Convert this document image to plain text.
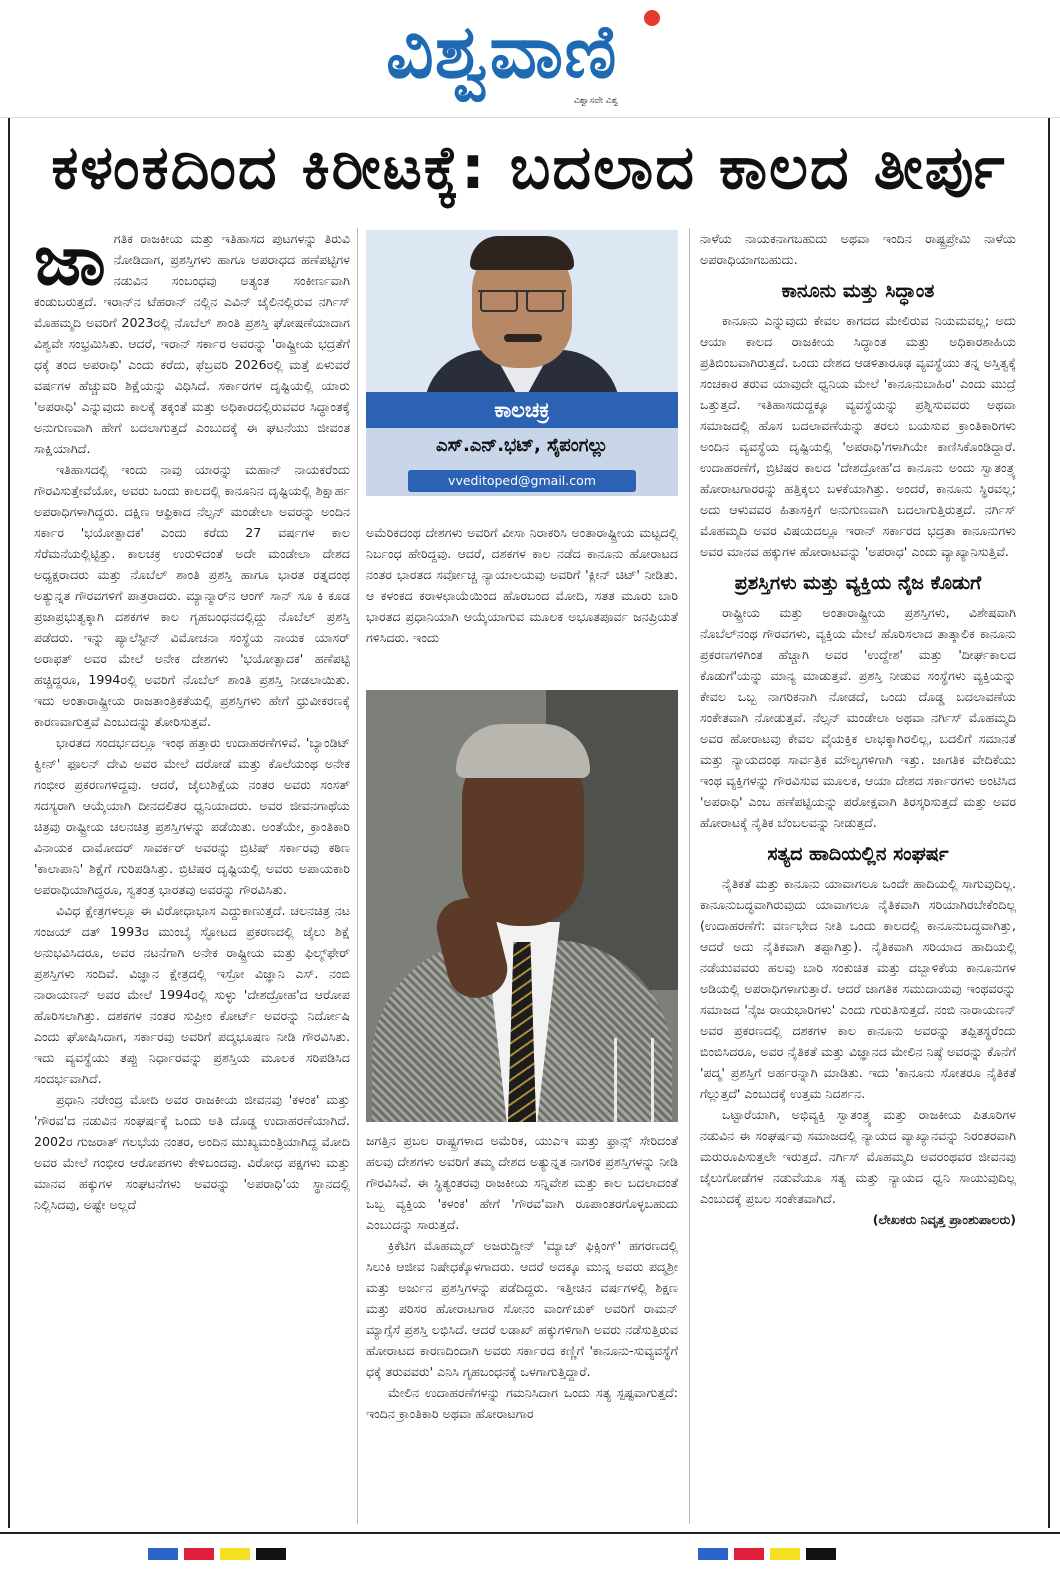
ವಿಶ್ವವಾಣಿ
ವಿಶ್ವಾಸವೇ ವಿಶ್ವ
ಕಳಂಕದಿಂದ ಕಿರೀಟಕ್ಕೆ: ಬದಲಾದ ಕಾಲದ ತೀರ್ಪು
ಜಾ ಗತಿಕ ರಾಜಕೀಯ ಮತ್ತು ಇತಿಹಾಸದ ಪುಟಗಳನ್ನು ತಿರುವಿ ನೋಡಿದಾಗ, ಪ್ರಶಸ್ತಿಗಳು ಹಾಗೂ ಅಪರಾಧದ ಹಣೆಪಟ್ಟಿಗಳ ನಡುವಿನ ಸಂಬಂಧವು ಅತ್ಯಂತ ಸಂಕೀರ್ಣವಾಗಿ ಕಂಡುಬರುತ್ತದೆ. ಇರಾನ್‌ನ ಟೆಹರಾನ್ ನಲ್ಲಿನ ಎವಿನ್ ಜೈಲಿನಲ್ಲಿರುವ ನರ್ಗಿಸ್ ಮೊಹಮ್ಮದಿ ಅವರಿಗೆ 2023ರಲ್ಲಿ ನೊಬೆಲ್ ಶಾಂತಿ ಪ್ರಶಸ್ತಿ ಘೋಷಣೆಯಾದಾಗ ವಿಶ್ವವೇ ಸಂಭ್ರಮಿಸಿತು. ಆದರೆ, ಇರಾನ್ ಸರ್ಕಾರ ಅವರನ್ನು 'ರಾಷ್ಟ್ರೀಯ ಭದ್ರತೆಗೆ ಧಕ್ಕೆ ತಂದ ಅಪರಾಧಿ' ಎಂದು ಕರೆದು, ಫೆಬ್ರವರಿ 2026ರಲ್ಲಿ ಮತ್ತೆ ಏಳುವರೆ ವರ್ಷಗಳ ಹೆಚ್ಚುವರಿ ಶಿಕ್ಷೆಯನ್ನು ವಿಧಿಸಿದೆ. ಸರ್ಕಾರಗಳ ದೃಷ್ಟಿಯಲ್ಲಿ ಯಾರು 'ಅಪರಾಧಿ' ಎನ್ನುವುದು ಕಾಲಕ್ಕೆ ತಕ್ಕಂತೆ ಮತ್ತು ಅಧಿಕಾರದಲ್ಲಿರುವವರ ಸಿದ್ಧಾಂತಕ್ಕೆ ಅನುಗುಣವಾಗಿ ಹೇಗೆ ಬದಲಾಗುತ್ತದೆ ಎಂಬುದಕ್ಕೆ ಈ ಘಟನೆಯು ಜೀವಂತ ಸಾಕ್ಷಿಯಾಗಿದೆ.

ಇತಿಹಾಸದಲ್ಲಿ ಇಂದು ನಾವು ಯಾರನ್ನು ಮಹಾನ್ ನಾಯಕರೆಂದು ಗೌರವಿಸುತ್ತೇವೆಯೋ, ಅವರು ಒಂದು ಕಾಲದಲ್ಲಿ ಕಾನೂನಿನ ದೃಷ್ಟಿಯಲ್ಲಿ ಶಿಕ್ಷಾರ್ಹ ಅಪರಾಧಿಗಳಾಗಿದ್ದರು. ದಕ್ಷಿಣ ಆಫ್ರಿಕಾದ ನೆಲ್ಸನ್ ಮಂಡೇಲಾ ಅವರನ್ನು ಅಂದಿನ ಸರ್ಕಾರ 'ಭಯೋತ್ಪಾದಕ' ಎಂದು ಕರೆದು 27 ವರ್ಷಗಳ ಕಾಲ ಸೆರೆಮನೆಯಲ್ಲಿಟ್ಟಿತ್ತು. ಕಾಲಚಕ್ರ ಉರುಳಿದಂತೆ ಅದೇ ಮಂಡೇಲಾ ದೇಶದ ಅಧ್ಯಕ್ಷರಾದರು ಮತ್ತು ನೊಬೆಲ್ ಶಾಂತಿ ಪ್ರಶಸ್ತಿ ಹಾಗೂ ಭಾರತ ರತ್ನದಂಥ ಅತ್ಯುನ್ನತ ಗೌರವಗಳಿಗೆ ಪಾತ್ರರಾದರು. ಮ್ಯಾನ್ಮಾರ್‌ನ ಆಂಗ್ ಸಾನ್ ಸೂ ಕಿ ಕೂಡ ಪ್ರಜಾಪ್ರಭುತ್ವಕ್ಕಾಗಿ ದಶಕಗಳ ಕಾಲ ಗೃಹಬಂಧನದಲ್ಲಿದ್ದು ನೊಬೆಲ್ ಪ್ರಶಸ್ತಿ ಪಡೆದರು. ಇನ್ನು ಪ್ಯಾಲೆಸ್ಟೀನ್ ವಿಮೋಚನಾ ಸಂಸ್ಥೆಯ ನಾಯಕ ಯಾಸರ್ ಅರಾಫತ್ ಅವರ ಮೇಲೆ ಅನೇಕ ದೇಶಗಳು 'ಭಯೋತ್ಪಾದಕ' ಹಣೆಪಟ್ಟಿ ಹಚ್ಚಿದ್ದರೂ, 1994ರಲ್ಲಿ ಅವರಿಗೆ ನೊಬೆಲ್ ಶಾಂತಿ ಪ್ರಶಸ್ತಿ ನೀಡಲಾಯಿತು. ಇದು ಅಂತಾರಾಷ್ಟ್ರೀಯ ರಾಜತಾಂತ್ರಿಕತೆಯಲ್ಲಿ ಪ್ರಶಸ್ತಿಗಳು ಹೇಗೆ ಧ್ರುವೀಕರಣಕ್ಕೆ ಕಾರಣವಾಗುತ್ತವೆ ಎಂಬುದನ್ನು ತೋರಿಸುತ್ತವೆ.

ಭಾರತದ ಸಂದರ್ಭದಲ್ಲೂ ಇಂಥ ಹತ್ತಾರು ಉದಾಹರಣೆಗಳಿವೆ. 'ಬ್ಯಾಂಡಿಟ್ ಕ್ವೀನ್' ಫೂಲನ್ ದೇವಿ ಅವರ ಮೇಲೆ ದರೋಡೆ ಮತ್ತು ಕೊಲೆಯಂಥ ಅನೇಕ ಗಂಭೀರ ಪ್ರಕರಣಗಳಿದ್ದವು. ಆದರೆ, ಜೈಲುಶಿಕ್ಷೆಯ ನಂತರ ಅವರು ಸಂಸತ್ ಸದಸ್ಯರಾಗಿ ಆಯ್ಕೆಯಾಗಿ ದೀನದಲಿತರ ಧ್ವನಿಯಾದರು. ಅವರ ಜೀವನಗಾಥೆಯ ಚಿತ್ರವು ರಾಷ್ಟ್ರೀಯ ಚಲನಚಿತ್ರ ಪ್ರಶಸ್ತಿಗಳನ್ನು ಪಡೆಯಿತು. ಅಂತೆಯೇ, ಕ್ರಾಂತಿಕಾರಿ ವಿನಾಯಕ ದಾಮೋದರ್ ಸಾವರ್ಕರ್ ಅವರನ್ನು ಬ್ರಿಟಿಷ್ ಸರ್ಕಾರವು ಕಠಿಣ 'ಕಾಲಾಪಾನಿ' ಶಿಕ್ಷೆಗೆ ಗುರಿಪಡಿಸಿತ್ತು. ಬ್ರಿಟಿಷರ ದೃಷ್ಟಿಯಲ್ಲಿ ಅವರು ಅಪಾಯಕಾರಿ ಅಪರಾಧಿಯಾಗಿದ್ದರೂ, ಸ್ವತಂತ್ರ ಭಾರತವು ಅವರನ್ನು ಗೌರವಿಸಿತು.

ವಿವಿಧ ಕ್ಷೇತ್ರಗಳಲ್ಲೂ ಈ ವಿರೋಧಾಭಾಸ ಎದ್ದುಕಾಣುತ್ತದೆ. ಚಲನಚಿತ್ರ ನಟ ಸಂಜಯ್ ದತ್ 1993ರ ಮುಂಬೈ ಸ್ಫೋಟದ ಪ್ರಕರಣದಲ್ಲಿ ಜೈಲು ಶಿಕ್ಷೆ ಅನುಭವಿಸಿದರೂ, ಅವರ ನಟನೆಗಾಗಿ ಅನೇಕ ರಾಷ್ಟ್ರೀಯ ಮತ್ತು ಫಿಲ್ಮ್‌ಫೇರ್ ಪ್ರಶಸ್ತಿಗಳು ಸಂದಿವೆ. ವಿಜ್ಞಾನ ಕ್ಷೇತ್ರದಲ್ಲಿ ಇಸ್ರೋ ವಿಜ್ಞಾನಿ ಎಸ್. ನಂಬಿ ನಾರಾಯಣನ್ ಅವರ ಮೇಲೆ 1994ರಲ್ಲಿ ಸುಳ್ಳು 'ದೇಶದ್ರೋಹ'ದ ಆರೋಪ ಹೊರಿಸಲಾಗಿತ್ತು. ದಶಕಗಳ ನಂತರ ಸುಪ್ರೀಂ ಕೋರ್ಟ್ ಅವರನ್ನು ನಿರ್ದೋಷಿ ಎಂದು ಘೋಷಿಸಿದಾಗ, ಸರ್ಕಾರವು ಅವರಿಗೆ ಪದ್ಮಭೂಷಣ ನೀಡಿ ಗೌರವಿಸಿತು. ಇದು ವ್ಯವಸ್ಥೆಯು ತಪ್ಪು ನಿರ್ಧಾರವನ್ನು ಪ್ರಶಸ್ತಿಯ ಮೂಲಕ ಸರಿಪಡಿಸಿದ ಸಂದರ್ಭವಾಗಿದೆ.

ಪ್ರಧಾನಿ ನರೇಂದ್ರ ಮೋದಿ ಅವರ ರಾಜಕೀಯ ಜೀವನವು 'ಕಳಂಕ' ಮತ್ತು 'ಗೌರವ'ದ ನಡುವಿನ ಸಂಘರ್ಷಕ್ಕೆ ಒಂದು ಅತಿ ದೊಡ್ಡ ಉದಾಹರಣೆಯಾಗಿದೆ. 2002ರ ಗುಜರಾತ್ ಗಲಭೆಯ ನಂತರ, ಅಂದಿನ ಮುಖ್ಯಮಂತ್ರಿಯಾಗಿದ್ದ ಮೋದಿ ಅವರ ಮೇಲೆ ಗಂಭೀರ ಆರೋಪಗಳು ಕೇಳಿಬಂದವು. ವಿರೋಧ ಪಕ್ಷಗಳು ಮತ್ತು ಮಾನವ ಹಕ್ಕುಗಳ ಸಂಘಟನೆಗಳು ಅವರನ್ನು 'ಅಪರಾಧಿ'ಯ ಸ್ಥಾನದಲ್ಲಿ ನಿಲ್ಲಿಸಿದವು, ಅಷ್ಟೇ ಅಲ್ಲದೆ

ಕಾಲಚಕ್ರ
ಎಸ್.ಎನ್.ಭಟ್, ಸೈಪಂಗಲ್ಲು
vveditoped@gmail.com

ಅಮೆರಿಕದಂಥ ದೇಶಗಳು ಅವರಿಗೆ ವೀಸಾ ನಿರಾಕರಿಸಿ ಅಂತಾರಾಷ್ಟ್ರೀಯ ಮಟ್ಟದಲ್ಲಿ ನಿರ್ಬಂಧ ಹೇರಿದ್ದವು. ಆದರೆ, ದಶಕಗಳ ಕಾಲ ನಡೆದ ಕಾನೂನು ಹೋರಾಟದ ನಂತರ ಭಾರತದ ಸರ್ವೋಚ್ಚ ನ್ಯಾಯಾಲಯವು ಅವರಿಗೆ 'ಕ್ಲೀನ್ ಚಿಟ್' ನೀಡಿತು. ಆ ಕಳಂಕದ ಕರಾಳಛಾಯೆಯಿಂದ ಹೊರಬಂದ ಮೋದಿ, ಸತತ ಮೂರು ಬಾರಿ ಭಾರತದ ಪ್ರಧಾನಿಯಾಗಿ ಆಯ್ಕೆಯಾಗುವ ಮೂಲಕ ಅಭೂತಪೂರ್ವ ಜನಪ್ರಿಯತೆ ಗಳಿಸಿದರು. ಇಂದು

ಜಗತ್ತಿನ ಪ್ರಬಲ ರಾಷ್ಟ್ರಗಳಾದ ಅಮೆರಿಕ, ಯುಎಇ ಮತ್ತು ಫ್ರಾನ್ಸ್ ಸೇರಿದಂತೆ ಹಲವು ದೇಶಗಳು ಅವರಿಗೆ ತಮ್ಮ ದೇಶದ ಅತ್ಯುನ್ನತ ನಾಗರಿಕ ಪ್ರಶಸ್ತಿಗಳನ್ನು ನೀಡಿ ಗೌರವಿಸಿವೆ. ಈ ಸ್ಥಿತ್ಯಂತರವು ರಾಜಕೀಯ ಸನ್ನಿವೇಶ ಮತ್ತು ಕಾಲ ಬದಲಾದಂತೆ ಒಬ್ಬ ವ್ಯಕ್ತಿಯ 'ಕಳಂಕ' ಹೇಗೆ 'ಗೌರವ'ವಾಗಿ ರೂಪಾಂತರಗೊಳ್ಳಬಹುದು ಎಂಬುದನ್ನು ಸಾರುತ್ತದೆ.

ಕ್ರಿಕೆಟಿಗ ಮೊಹಮ್ಮದ್ ಅಜರುದ್ದೀನ್ 'ಮ್ಯಾಚ್ ಫಿಕ್ಸಿಂಗ್' ಹಗರಣದಲ್ಲಿ ಸಿಲುಕಿ ಆಜೀವ ನಿಷೇಧಕ್ಕೊಳಗಾದರು. ಆದರೆ ಅದಕ್ಕೂ ಮುನ್ನ ಅವರು ಪದ್ಮಶ್ರೀ ಮತ್ತು ಅರ್ಜುನ ಪ್ರಶಸ್ತಿಗಳನ್ನು ಪಡೆದಿದ್ದರು. ಇತ್ತೀಚಿನ ವರ್ಷಗಳಲ್ಲಿ ಶಿಕ್ಷಣ ಮತ್ತು ಪರಿಸರ ಹೋರಾಟಗಾರ ಸೋನಂ ವಾಂಗ್‌ಚುಕ್ ಅವರಿಗೆ ರಾಮನ್ ಮ್ಯಾಗ್ಸೆಸೆ ಪ್ರಶಸ್ತಿ ಲಭಿಸಿದೆ. ಆದರೆ ಲಡಾಖ್ ಹಕ್ಕುಗಳಿಗಾಗಿ ಅವರು ನಡೆಸುತ್ತಿರುವ ಹೋರಾಟದ ಕಾರಣದಿಂದಾಗಿ ಅವರು ಸರ್ಕಾರದ ಕಣ್ಣಿಗೆ 'ಕಾನೂನು-ಸುವ್ಯವಸ್ಥೆಗೆ ಧಕ್ಕೆ ತರುವವರು' ಎನಿಸಿ ಗೃಹಬಂಧನಕ್ಕೆ ಒಳಗಾಗುತ್ತಿದ್ದಾರೆ.

ಮೇಲಿನ ಉದಾಹರಣೆಗಳನ್ನು ಗಮನಿಸಿದಾಗ ಒಂದು ಸತ್ಯ ಸ್ಪಷ್ಟವಾಗುತ್ತದೆ: ಇಂದಿನ ಕ್ರಾಂತಿಕಾರಿ ಅಥವಾ ಹೋರಾಟಗಾರ

ನಾಳೆಯ ನಾಯಕನಾಗಬಹುದು ಅಥವಾ ಇಂದಿನ ರಾಷ್ಟ್ರಪ್ರೇಮಿ ನಾಳೆಯ ಅಪರಾಧಿಯಾಗಬಹುದು.

ಕಾನೂನು ಮತ್ತು ಸಿದ್ಧಾಂತ

ಕಾನೂನು ಎನ್ನುವುದು ಕೇವಲ ಕಾಗದದ ಮೇಲಿರುವ ನಿಯಮವಲ್ಲ; ಅದು ಆಯಾ ಕಾಲದ ರಾಜಕೀಯ ಸಿದ್ಧಾಂತ ಮತ್ತು ಅಧಿಕಾರಶಾಹಿಯ ಪ್ರತಿಬಿಂಬವಾಗಿರುತ್ತದೆ. ಒಂದು ದೇಶದ ಆಡಳಿತಾರೂಢ ವ್ಯವಸ್ಥೆಯು ತನ್ನ ಅಸ್ತಿತ್ವಕ್ಕೆ ಸಂಚಕಾರ ತರುವ ಯಾವುದೇ ಧ್ವನಿಯ ಮೇಲೆ 'ಕಾನೂನುಬಾಹಿರ' ಎಂದು ಮುದ್ರೆ ಒತ್ತುತ್ತದೆ. ಇತಿಹಾಸದುದ್ದಕ್ಕೂ ವ್ಯವಸ್ಥೆಯನ್ನು ಪ್ರಶ್ನಿಸುವವರು ಅಥವಾ ಸಮಾಜದಲ್ಲಿ ಹೊಸ ಬದಲಾವಣೆಯನ್ನು ತರಲು ಬಯಸುವ ಕ್ರಾಂತಿಕಾರಿಗಳು ಅಂದಿನ ವ್ಯವಸ್ಥೆಯ ದೃಷ್ಟಿಯಲ್ಲಿ 'ಅಪರಾಧಿ'ಗಳಾಗಿಯೇ ಕಾಣಿಸಿಕೊಂಡಿದ್ದಾರೆ. ಉದಾಹರಣೆಗೆ, ಬ್ರಿಟಿಷರ ಕಾಲದ 'ದೇಶದ್ರೋಹ'ದ ಕಾನೂನು ಅಂದು ಸ್ವಾತಂತ್ರ್ಯ ಹೋರಾಟಗಾರರನ್ನು ಹತ್ತಿಕ್ಕಲು ಬಳಕೆಯಾಗಿತ್ತು. ಅಂದರೆ, ಕಾನೂನು ಸ್ಥಿರವಲ್ಲ; ಅದು ಆಳುವವರ ಹಿತಾಸಕ್ತಿಗೆ ಅನುಗುಣವಾಗಿ ಬದಲಾಗುತ್ತಿರುತ್ತದೆ. ನರ್ಗಿಸ್ ಮೊಹಮ್ಮದಿ ಅವರ ವಿಷಯದಲ್ಲೂ ಇರಾನ್ ಸರ್ಕಾರದ ಭದ್ರತಾ ಕಾನೂನುಗಳು ಅವರ ಮಾನವ ಹಕ್ಕುಗಳ ಹೋರಾಟವನ್ನು 'ಅಪರಾಧ' ಎಂದು ವ್ಯಾಖ್ಯಾನಿಸುತ್ತಿವೆ.

ಪ್ರಶಸ್ತಿಗಳು ಮತ್ತು ವ್ಯಕ್ತಿಯ ನೈಜ ಕೊಡುಗೆ

ರಾಷ್ಟ್ರೀಯ ಮತ್ತು ಅಂತಾರಾಷ್ಟ್ರೀಯ ಪ್ರಶಸ್ತಿಗಳು, ವಿಶೇಷವಾಗಿ ನೊಬೆಲ್‌ನಂಥ ಗೌರವಗಳು, ವ್ಯಕ್ತಿಯ ಮೇಲೆ ಹೊರಿಸಲಾದ ತಾತ್ಕಾಲಿಕ ಕಾನೂನು ಪ್ರಕರಣಗಳಿಗಿಂತ ಹೆಚ್ಚಾಗಿ ಅವರ 'ಉದ್ದೇಶ' ಮತ್ತು 'ದೀರ್ಘಕಾಲದ ಕೊಡುಗೆ'ಯನ್ನು ಮಾನ್ಯ ಮಾಡುತ್ತವೆ. ಪ್ರಶಸ್ತಿ ನೀಡುವ ಸಂಸ್ಥೆಗಳು ವ್ಯಕ್ತಿಯನ್ನು ಕೇವಲ ಒಬ್ಬ ನಾಗರಿಕನಾಗಿ ನೋಡದೆ, ಒಂದು ದೊಡ್ಡ ಬದಲಾವಣೆಯ ಸಂಕೇತವಾಗಿ ನೋಡುತ್ತವೆ. ನೆಲ್ಸನ್ ಮಂಡೇಲಾ ಅಥವಾ ನರ್ಗಿಸ್ ಮೊಹಮ್ಮದಿ ಅವರ ಹೋರಾಟವು ಕೇವಲ ವೈಯಕ್ತಿಕ ಲಾಭಕ್ಕಾಗಿರಲಿಲ್ಲ, ಬದಲಿಗೆ ಸಮಾನತೆ ಮತ್ತು ನ್ಯಾಯದಂಥ ಸಾರ್ವತ್ರಿಕ ಮೌಲ್ಯಗಳಿಗಾಗಿ ಇತ್ತು. ಜಾಗತಿಕ ವೇದಿಕೆಯು ಇಂಥ ವ್ಯಕ್ತಿಗಳನ್ನು ಗೌರವಿಸುವ ಮೂಲಕ, ಆಯಾ ದೇಶದ ಸರ್ಕಾರಗಳು ಅಂಟಿಸಿದ 'ಅಪರಾಧಿ' ಎಂಬ ಹಣೆಪಟ್ಟಿಯನ್ನು ಪರೋಕ್ಷವಾಗಿ ತಿರಸ್ಕರಿಸುತ್ತದೆ ಮತ್ತು ಅವರ ಹೋರಾಟಕ್ಕೆ ನೈತಿಕ ಬೆಂಬಲವನ್ನು ನೀಡುತ್ತದೆ.

ಸತ್ಯದ ಹಾದಿಯಲ್ಲಿನ ಸಂಘರ್ಷ

ನೈತಿಕತೆ ಮತ್ತು ಕಾನೂನು ಯಾವಾಗಲೂ ಒಂದೇ ಹಾದಿಯಲ್ಲಿ ಸಾಗುವುದಿಲ್ಲ. ಕಾನೂನುಬದ್ಧವಾಗಿರುವುದು ಯಾವಾಗಲೂ ನೈತಿಕವಾಗಿ ಸರಿಯಾಗಿರಬೇಕೆಂದಿಲ್ಲ (ಉದಾಹರಣೆಗೆ: ವರ್ಣಭೇದ ನೀತಿ ಒಂದು ಕಾಲದಲ್ಲಿ ಕಾನೂನುಬದ್ಧವಾಗಿತ್ತು, ಆದರೆ ಅದು ನೈತಿಕವಾಗಿ ತಪ್ಪಾಗಿತ್ತು). ನೈತಿಕವಾಗಿ ಸರಿಯಾದ ಹಾದಿಯಲ್ಲಿ ನಡೆಯುವವರು ಹಲವು ಬಾರಿ ಸಂಕುಚಿತ ಮತ್ತು ದಬ್ಬಾಳಿಕೆಯ ಕಾನೂನುಗಳ ಅಡಿಯಲ್ಲಿ ಅಪರಾಧಿಗಳಾಗುತ್ತಾರೆ. ಆದರೆ ಜಾಗತಿಕ ಸಮುದಾಯವು ಇಂಥವರನ್ನು ಸಮಾಜದ 'ನೈಜ ರಾಯಭಾರಿಗಳು' ಎಂದು ಗುರುತಿಸುತ್ತದೆ. ನಂಬಿ ನಾರಾಯಣನ್ ಅವರ ಪ್ರಕರಣದಲ್ಲಿ ದಶಕಗಳ ಕಾಲ ಕಾನೂನು ಅವರನ್ನು ತಪ್ಪಿತಸ್ಥರೆಂದು ಬಿಂಬಿಸಿದರೂ, ಅವರ ನೈತಿಕತೆ ಮತ್ತು ವಿಜ್ಞಾನದ ಮೇಲಿನ ನಿಷ್ಠೆ ಅವರನ್ನು ಕೊನೆಗೆ 'ಪದ್ಮ' ಪ್ರಶಸ್ತಿಗೆ ಅರ್ಹರನ್ನಾಗಿ ಮಾಡಿತು. ಇದು 'ಕಾನೂನು ಸೋತರೂ ನೈತಿಕತೆ ಗೆಲ್ಲುತ್ತದೆ' ಎಂಬುದಕ್ಕೆ ಉತ್ತಮ ನಿದರ್ಶನ.

ಒಟ್ಟಾರೆಯಾಗಿ, ಅಭಿವ್ಯಕ್ತಿ ಸ್ವಾತಂತ್ರ್ಯ ಮತ್ತು ರಾಜಕೀಯ ಪಿತೂರಿಗಳ ನಡುವಿನ ಈ ಸಂಘರ್ಷವು ಸಮಾಜದಲ್ಲಿ ನ್ಯಾಯದ ವ್ಯಾಖ್ಯಾನವನ್ನು ನಿರಂತರವಾಗಿ ಮರುರೂಪಿಸುತ್ತಲೇ ಇರುತ್ತದೆ. ನರ್ಗಿಸ್ ಮೊಹಮ್ಮದಿ ಅವರಂಥವರ ಜೀವನವು ಜೈಲುಗೋಡೆಗಳ ನಡುವೆಯೂ ಸತ್ಯ ಮತ್ತು ನ್ಯಾಯದ ಧ್ವನಿ ಸಾಯುವುದಿಲ್ಲ ಎಂಬುದಕ್ಕೆ ಪ್ರಬಲ ಸಂಕೇತವಾಗಿದೆ.

(ಲೇಖಕರು ನಿವೃತ್ತ ಪ್ರಾಂಶುಪಾಲರು)
